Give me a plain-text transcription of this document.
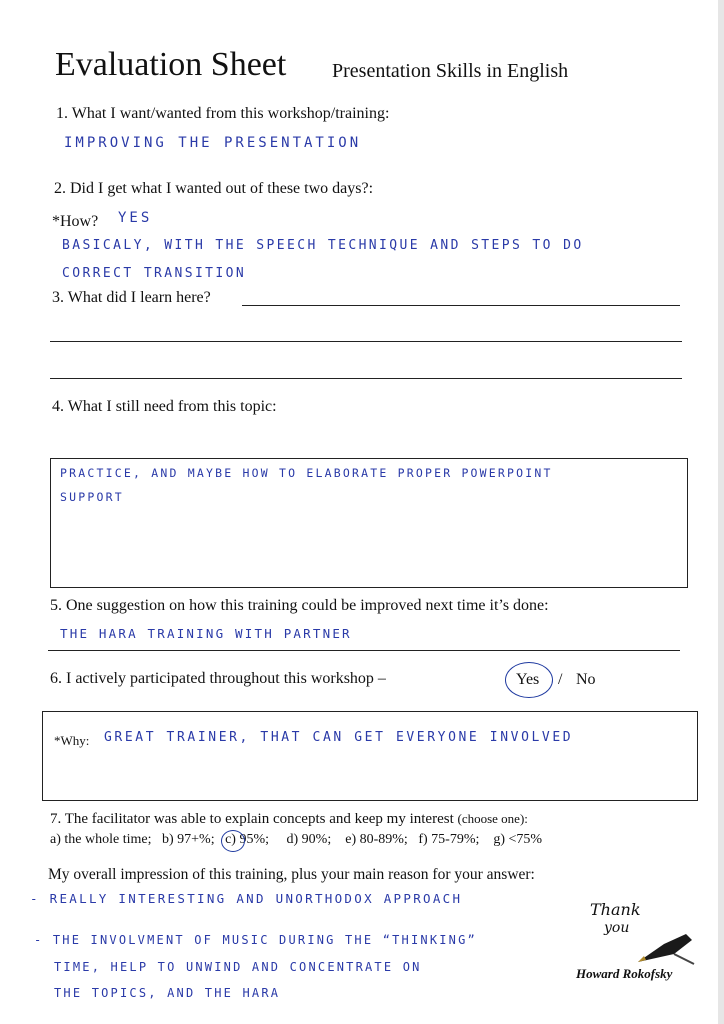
Evaluation Sheet Presentation Skills in English
1. What I want/wanted from this workshop/training:
IMPROVING THE PRESENTATION
2. Did I get what I wanted out of these two days?:
*How? YES
BASICALY, WITH THE SPEECH TECHNIQUE AND STEPS TO DO
CORRECT TRANSITION
3. What did I learn here?
4. What I still need from this topic:
PRACTICE, AND MAYBE HOW TO ELABORATE PROPER POWERPOINT
SUPPORT
5. One suggestion on how this training could be improved next time it’s done:
THE HARA TRAINING WITH PARTNER
6. I actively participated throughout this workshop –	Yes / No
*Why: GREAT TRAINER, THAT CAN GET EVERYONE INVOLVED
7. The facilitator was able to explain concepts and keep my interest (choose one):
a) the whole time; b) 97+%; c) 95%; d) 90%; e) 80-89%; f) 75-79%; g) <75%
My overall impression of this training, plus your main reason for your answer:
- REALLY INTERESTING AND UNORTHODOX APPROACH
- THE INVOLVMENT OF MUSIC DURING THE “THINKING”
TIME, HELP TO UNWIND AND CONCENTRATE ON
THE TOPICS, AND THE HARA
Thank
you
Howard Rokofsky
